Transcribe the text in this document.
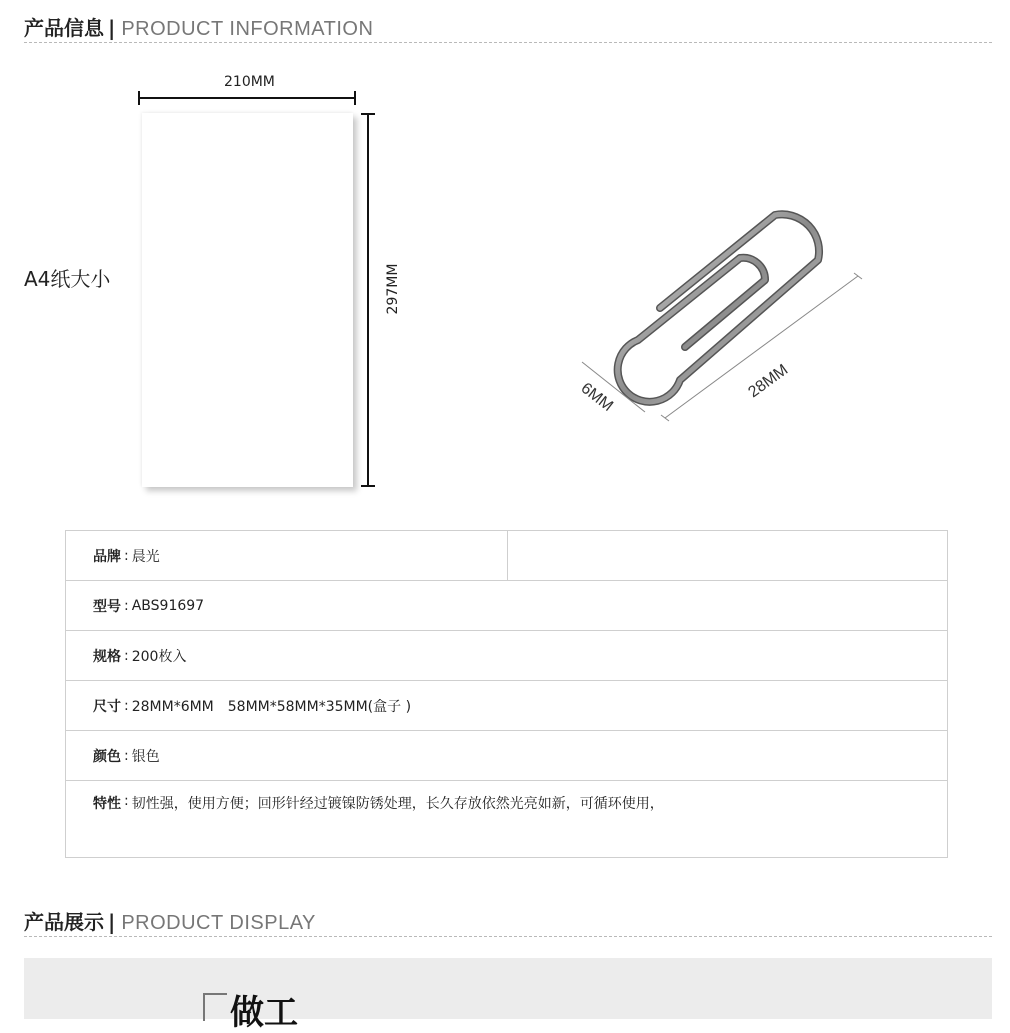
产品信息 | PRODUCT INFORMATION
A4纸大小
210MM
297MM
6MM	28MM
品牌 : 晨光
型号 : ABS91697
规格 : 200枚入
尺寸 : 28MM*6MM　58MM*58MM*35MM(盒子 )
颜色 : 银色
特性 : 韧性强，使用方便；回形针经过镀镍防锈处理，长久存放依然光亮如新，可循环使用，
产品展示 | PRODUCT DISPLAY
做工
